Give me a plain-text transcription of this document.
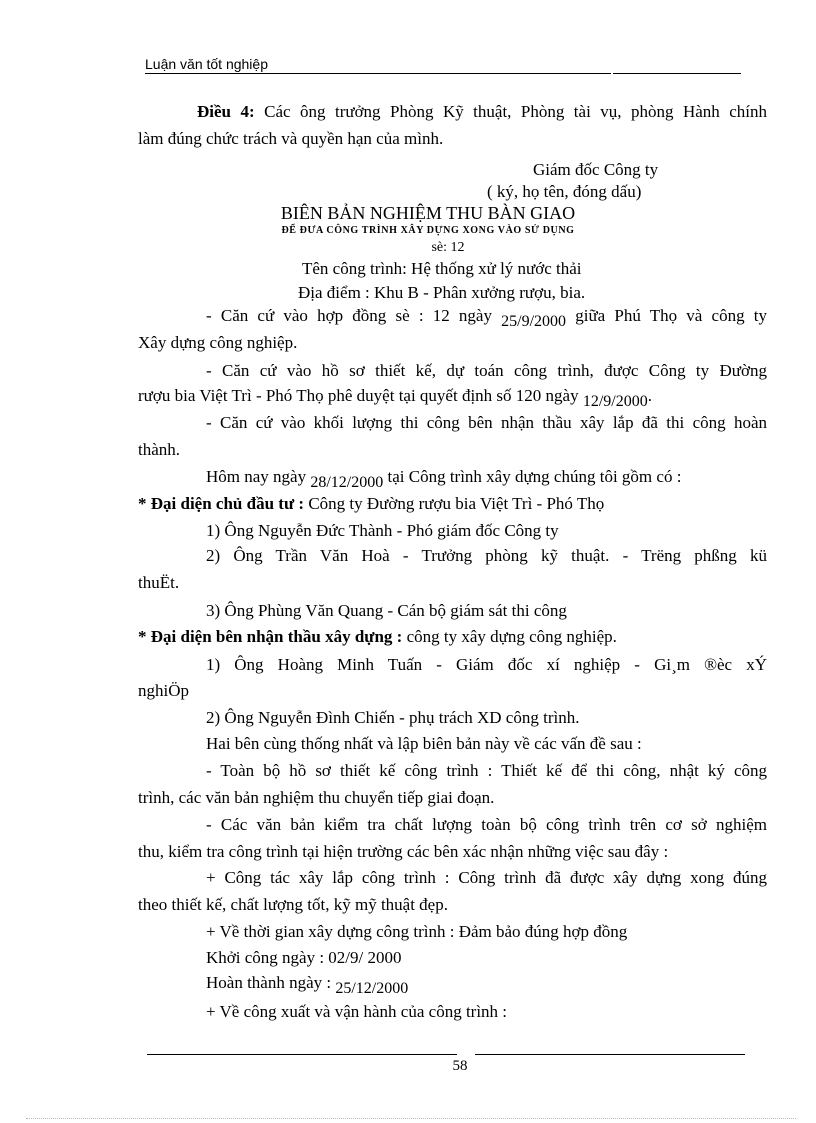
Luận văn tốt nghiệp
Điều 4: Các ông trưởng Phòng Kỹ thuật, Phòng tài vụ, phòng Hành chính
làm đúng chức trách và quyền hạn của mình.
Giám đốc Công ty
( ký, họ tên, đóng dấu)
BIÊN BẢN NGHIỆM THU BÀN GIAO
ĐỂ ĐƯA CÔNG TRÌNH XÂY DỰNG XONG VÀO SỬ DỤNG
sè: 12
Tên công trình: Hệ thống xử lý nước thải
Địa điểm : Khu B - Phân xưởng rượu, bia.
- Căn cứ vào hợp đồng sè : 12 ngày 25/9/2000 giữa Phú Thọ và công ty
Xây dựng công nghiệp.
- Căn cứ vào hồ sơ thiết kế, dự toán công trình, được Công ty Đường
rượu bia Việt Trì - Phó Thọ phê duyệt tại quyết định số 120 ngày 12/9/2000.
- Căn cứ vào khối lượng thi công bên nhận thầu xây lắp đã thi công hoàn
thành.
Hôm nay ngày 28/12/2000 tại Công trình xây dựng chúng tôi gồm có :
* Đại diện chủ đầu tư : Công ty Đường rượu bia Việt Trì - Phó Thọ
1) Ông Nguyễn Đức Thành - Phó giám đốc Công ty
2) Ông Trần Văn Hoà - Trưởng phòng kỹ thuật. - Trëng phßng kü
thuËt.
3) Ông Phùng Văn Quang - Cán bộ giám sát thi công
* Đại diện bên nhận thầu xây dựng : công ty xây dựng công nghiệp.
1) Ông Hoàng Minh Tuấn - Giám đốc xí nghiệp - Gi¸m ®èc xÝ
nghiÖp
2) Ông Nguyễn Đình Chiến - phụ trách XD công trình.
Hai bên cùng thống nhất và lập biên bản này về các vấn đề sau :
- Toàn bộ hồ sơ thiết kế công trình : Thiết kế để thi công, nhật ký công
trình, các văn bản nghiệm thu chuyển tiếp giai đoạn.
- Các văn bản kiểm tra chất lượng toàn bộ công trình trên cơ sở nghiệm
thu, kiểm tra công trình tại hiện trường các bên xác nhận những việc sau đây :
+ Công tác xây lắp công trình : Công trình đã được xây dựng xong đúng
theo thiết kế, chất lượng tốt, kỹ mỹ thuật đẹp.
+ Về thời gian xây dựng công trình : Đảm bảo đúng hợp đồng
Khởi công ngày : 02/9/ 2000
Hoàn thành ngày : 25/12/2000
+ Về công xuất và vận hành của công trình :
58
